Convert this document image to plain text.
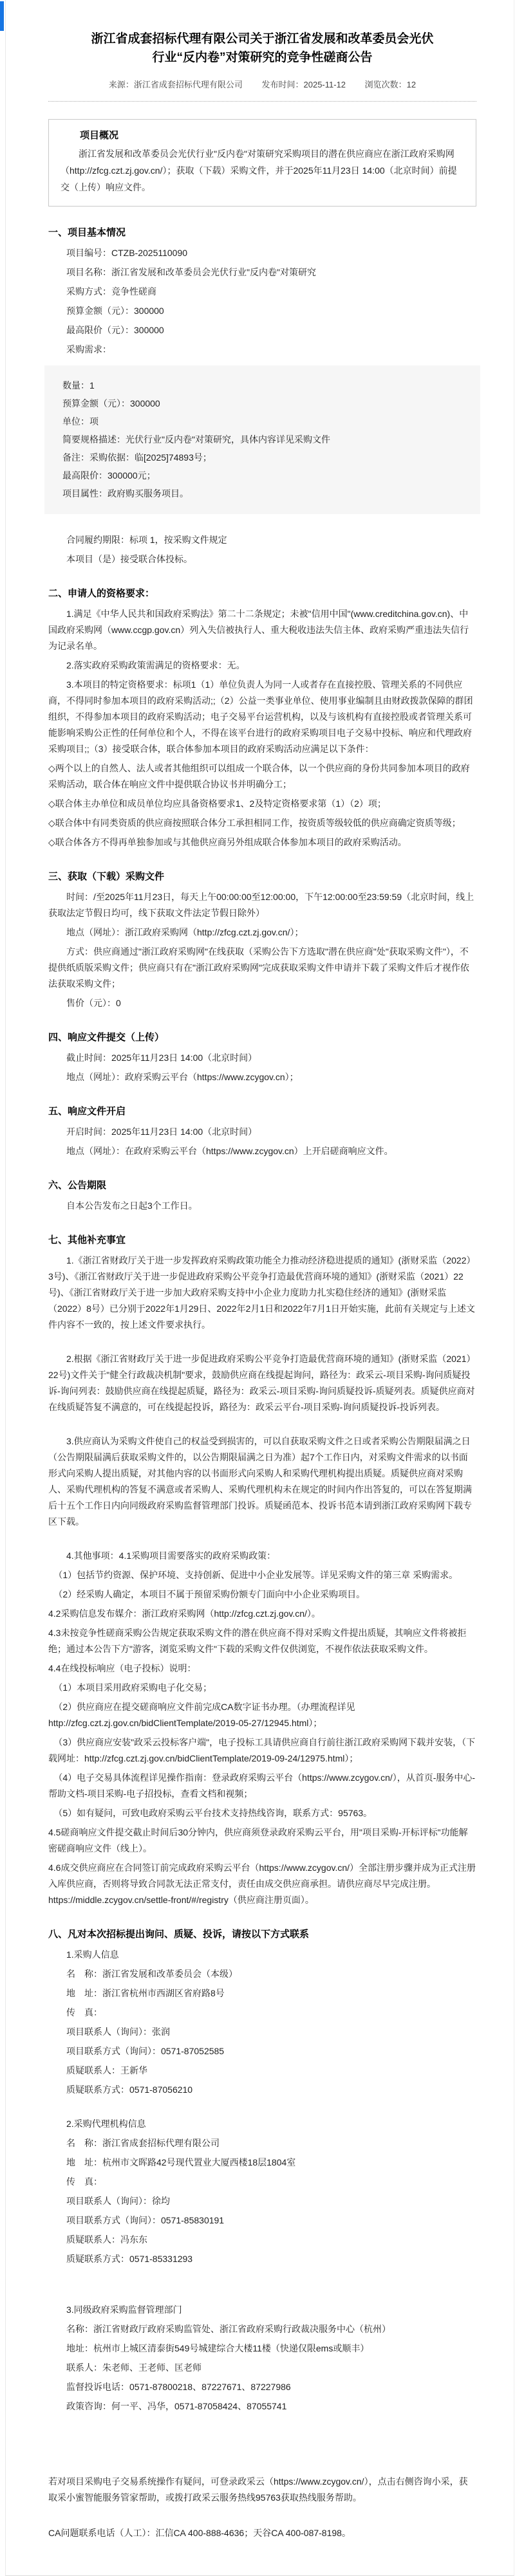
浙江省成套招标代理有限公司关于浙江省发展和改革委员会光伏行业“反内卷”对策研究的竞争性磋商公告
来源：浙江省成套招标代理有限公司 发布时间：2025-11-12 浏览次数：12
项目概况

浙江省发展和改革委员会光伏行业"反内卷"对策研究采购项目的潜在供应商应在浙江政府采购网（http://zfcg.czt.zj.gov.cn/）；获取（下载）采购文件，并于2025年11月23日 14:00（北京时间）前提交（上传）响应文件。

一、项目基本情况

项目编号：CTZB-2025110090

项目名称：浙江省发展和改革委员会光伏行业"反内卷"对策研究

采购方式：竞争性磋商

预算金额（元）：300000

最高限价（元）：300000

采购需求：

数量：1

预算金额（元）：300000

单位：项

简要规格描述：光伏行业"反内卷"对策研究，具体内容详见采购文件

备注：采购依据：临[2025]74893号；

最高限价：300000元；

项目属性：政府购买服务项目。

合同履约期限：标项 1，按采购文件规定

本项目（是）接受联合体投标。

二、申请人的资格要求：

1.满足《中华人民共和国政府采购法》第二十二条规定；未被"信用中国"(www.creditchina.gov.cn)、中国政府采购网（www.ccgp.gov.cn）列入失信被执行人、重大税收违法失信主体、政府采购严重违法失信行为记录名单。

2.落实政府采购政策需满足的资格要求：无。

3.本项目的特定资格要求：标项1（1）单位负责人为同一人或者存在直接控股、管理关系的不同供应商，不得同时参加本项目的政府采购活动;;（2）公益一类事业单位、使用事业编制且由财政拨款保障的群团组织，不得参加本项目的政府采购活动；电子交易平台运营机构，以及与该机构有直接控股或者管理关系可能影响采购公正性的任何单位和个人，不得在该平台进行的政府采购项目电子交易中投标、响应和代理政府采购项目;;（3）接受联合体，联合体参加本项目的政府采购活动应满足以下条件：

◇两个以上的自然人、法人或者其他组织可以组成一个联合体，以一个供应商的身份共同参加本项目的政府采购活动，联合体在响应文件中提供联合协议书并明确分工；

◇联合体主办单位和成员单位均应具备资格要求1、2及特定资格要求第（1）（2）项；

◇联合体中有同类资质的供应商按照联合体分工承担相同工作，按资质等级较低的供应商确定资质等级；

◇联合体各方不得再单独参加或与其他供应商另外组成联合体参加本项目的政府采购活动。

三、获取（下载）采购文件

时间：/至2025年11月23日，每天上午00:00:00至12:00:00，下午12:00:00至23:59:59（北京时间，线上获取法定节假日均可，线下获取文件法定节假日除外）

地点（网址）：浙江政府采购网（http://zfcg.czt.zj.gov.cn/）；

方式：供应商通过"浙江政府采购网"在线获取（采购公告下方选取"潜在供应商"处"获取采购文件"），不提供纸质版采购文件；供应商只有在"浙江政府采购网"完成获取采购文件申请并下载了采购文件后才视作依法获取采购文件；

售价（元）：0

四、响应文件提交（上传）

截止时间：2025年11月23日 14:00（北京时间）

地点（网址）：政府采购云平台（https://www.zcygov.cn）；

五、响应文件开启

开启时间：2025年11月23日 14:00（北京时间）

地点（网址）：在政府采购云平台（https://www.zcygov.cn）上开启磋商响应文件。

六、公告期限

自本公告发布之日起3个工作日。

七、其他补充事宜

1.《浙江省财政厅关于进一步发挥政府采购政策功能全力推动经济稳进提质的通知》(浙财采监（2022）3号)、《浙江省财政厅关于进一步促进政府采购公平竞争打造最优营商环境的通知》(浙财采监（2021）22号)、《浙江省财政厅关于进一步加大政府采购支持中小企业力度助力扎实稳住经济的通知》(浙财采监（2022）8号）已分别于2022年1月29日、2022年2月1日和2022年7月1日开始实施，此前有关规定与上述文件内容不一致的，按上述文件要求执行。

2.根据《浙江省财政厅关于进一步促进政府采购公平竞争打造最优营商环境的通知》(浙财采监（2021）22号)文件关于"健全行政裁决机制"要求，鼓励供应商在线提起询问，路径为：政采云-项目采购-询问质疑投诉-询问列表：鼓励供应商在线提起质疑，路径为：政采云-项目采购-询问质疑投诉-质疑列表。质疑供应商对在线质疑答复不满意的，可在线提起投诉，路径为：政采云平台-项目采购-询问质疑投诉-投诉列表。

3.供应商认为采购文件使自己的权益受到损害的，可以自获取采购文件之日或者采购公告期限届满之日（公告期限届满后获取采购文件的，以公告期限届满之日为准）起7个工作日内，对采购文件需求的以书面形式向采购人提出质疑，对其他内容的以书面形式向采购人和采购代理机构提出质疑。质疑供应商对采购人、采购代理机构的答复不满意或者采购人、采购代理机构未在规定的时间内作出答复的，可以在答复期满后十五个工作日内向同级政府采购监督管理部门投诉。质疑函范本、投诉书范本请到浙江政府采购网下载专区下载。

4.其他事项：4.1采购项目需要落实的政府采购政策：

（1）包括节约资源、保护环境、支持创新、促进中小企业发展等。详见采购文件的第三章 采购需求。

（2）经采购人确定，本项目不属于预留采购份额专门面向中小企业采购项目。

4.2采购信息发布媒介：浙江政府采购网（http://zfcg.czt.zj.gov.cn/）。

4.3未按竞争性磋商采购公告规定获取采购文件的潜在供应商不得对采购文件提出质疑，其响应文件将被拒绝；通过本公告下方"游客，浏览采购文件"下载的采购文件仅供浏览，不视作依法获取采购文件。

4.4在线投标响应（电子投标）说明：

（1）本项目采用政府采购电子化交易；

（2）供应商应在提交磋商响应文件前完成CA数字证书办理。（办理流程详见http://zfcg.czt.zj.gov.cn/bidClientTemplate/2019-05-27/12945.html）；

（3）供应商应安装"政采云投标客户端"，电子投标工具请供应商自行前往浙江政府采购网下载并安装，（下载网址：http://zfcg.czt.zj.gov.cn/bidClientTemplate/2019-09-24/12975.html）；

（4）电子交易具体流程详见操作指南：登录政府采购云平台（https://www.zcygov.cn/），从首页-服务中心-帮助文档-项目采购-电子招投标，查看文档和视频；

（5）如有疑问，可致电政府采购云平台技术支持热线咨询，联系方式：95763。

4.5磋商响应文件提交截止时间后30分钟内，供应商须登录政府采购云平台，用"项目采购-开标评标"功能解密磋商响应文件（线上）。

4.6成交供应商应在合同签订前完成政府采购云平台（https://www.zcygov.cn/）全部注册步骤并成为正式注册入库供应商，否则将导致合同款无法正常支付，责任由成交供应商承担。请供应商尽早完成注册。https://middle.zcygov.cn/settle-front/#/registry（供应商注册页面）。

八、凡对本次招标提出询问、质疑、投诉，请按以下方式联系

1.采购人信息

名　称：浙江省发展和改革委员会（本级）

地　址：浙江省杭州市西湖区省府路8号

传　真：

项目联系人（询问）：张润

项目联系方式（询问）：0571-87052585

质疑联系人：王新华

质疑联系方式：0571-87056210

2.采购代理机构信息

名　称：浙江省成套招标代理有限公司

地　址：杭州市文晖路42号现代置业大厦西楼18层1804室

传　真：

项目联系人（询问）：徐均

项目联系方式（询问）：0571-85830191

质疑联系人：冯东东

质疑联系方式：0571-85331293

3.同级政府采购监督管理部门

名称：浙江省财政厅政府采购监管处、浙江省政府采购行政裁决服务中心（杭州）

地址：杭州市上城区清泰街549号城建综合大楼11楼（快递仅限ems或顺丰）

联系人：朱老师、王老师、匡老师

监督投诉电话：0571-87800218、87227671、87227986

政策咨询：何一平、冯华，0571-87058424、87055741

若对项目采购电子交易系统操作有疑问，可登录政采云（https://www.zcygov.cn/），点击右侧咨询小采，获取采小蜜智能服务管家帮助，或拨打政采云服务热线95763获取热线服务帮助。

CA问题联系电话（人工）：汇信CA 400-888-4636；天谷CA 400-087-8198。
